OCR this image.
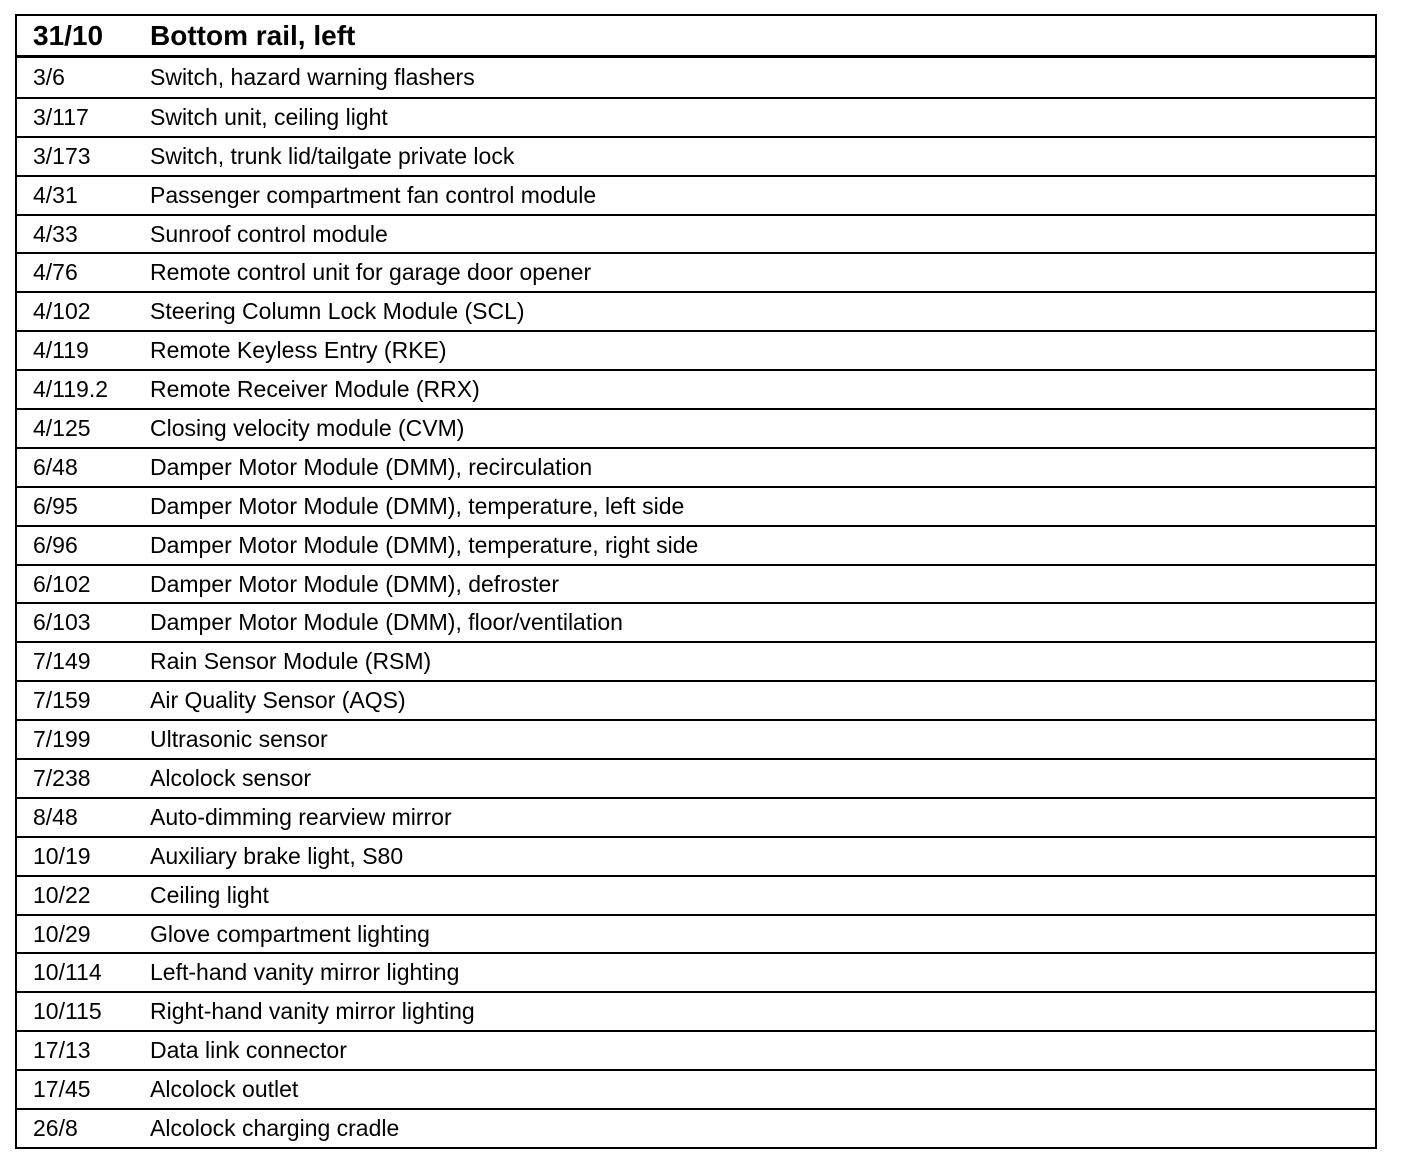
31/10	Bottom rail, left
3/6	Switch, hazard warning flashers
3/117	Switch unit, ceiling light
3/173	Switch, trunk lid/tailgate private lock
4/31	Passenger compartment fan control module
4/33	Sunroof control module
4/76	Remote control unit for garage door opener
4/102	Steering Column Lock Module (SCL)
4/119	Remote Keyless Entry (RKE)
4/119.2	Remote Receiver Module (RRX)
4/125	Closing velocity module (CVM)
6/48	Damper Motor Module (DMM), recirculation
6/95	Damper Motor Module (DMM), temperature, left side
6/96	Damper Motor Module (DMM), temperature, right side
6/102	Damper Motor Module (DMM), defroster
6/103	Damper Motor Module (DMM), floor/ventilation
7/149	Rain Sensor Module (RSM)
7/159	Air Quality Sensor (AQS)
7/199	Ultrasonic sensor
7/238	Alcolock sensor
8/48	Auto-dimming rearview mirror
10/19	Auxiliary brake light, S80
10/22	Ceiling light
10/29	Glove compartment lighting
10/114	Left-hand vanity mirror lighting
10/115	Right-hand vanity mirror lighting
17/13	Data link connector
17/45	Alcolock outlet
26/8	Alcolock charging cradle
